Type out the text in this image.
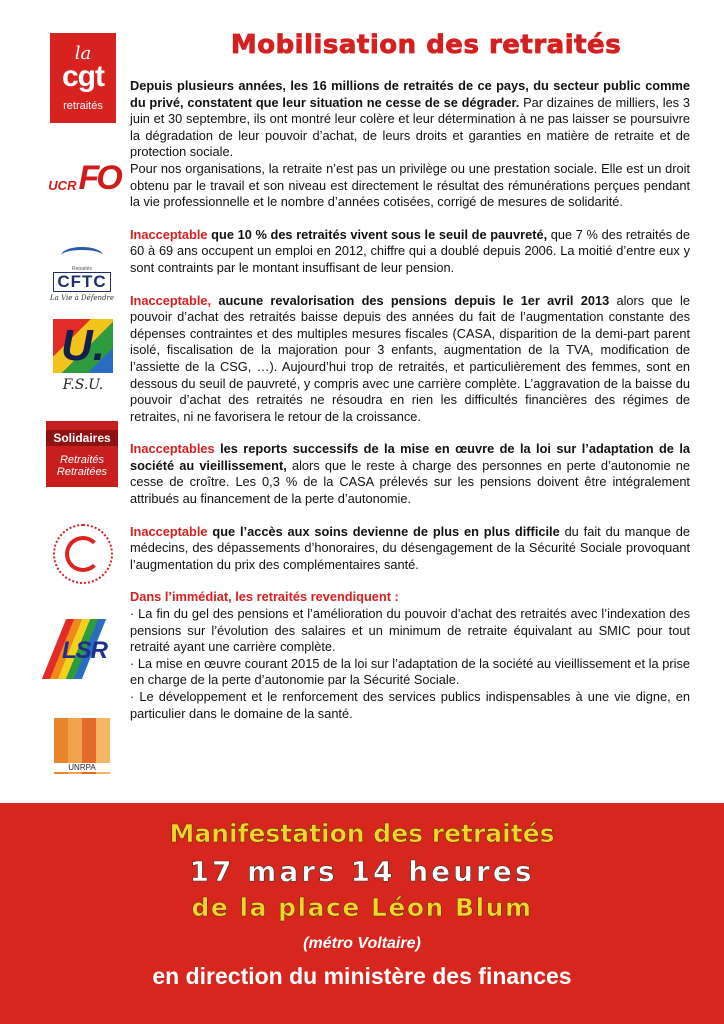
la
cgt
retraités
UCR FO
Retraités
CFTC
La Vie à Défendre
U.
F.S.U.
Solidaires
Retraités
Retraitées
LSR
UNRPA
Mobilisation des retraités

Depuis plusieurs années, les 16 millions de retraités de ce pays, du secteur public comme du privé, constatent que leur situation ne cesse de se dégrader. Par dizaines de milliers, les 3 juin et 30 septembre, ils ont montré leur colère et leur détermination à ne pas laisser se poursuivre la dégradation de leur pouvoir d’achat, de leurs droits et garanties en matière de retraite et de protection sociale.

Pour nos organisations, la retraite n’est pas un privilège ou une prestation sociale. Elle est un droit obtenu par le travail et son niveau est directement le résultat des rémunérations perçues pendant la vie professionnelle et le nombre d’années cotisées, corrigé de mesures de solidarité.

Inacceptable que 10 % des retraités vivent sous le seuil de pauvreté, que 7 % des retraités de 60 à 69 ans occupent un emploi en 2012, chiffre qui a doublé depuis 2006. La moitié d’entre eux y sont contraints par le montant insuffisant de leur pension.

Inacceptable, aucune revalorisation des pensions depuis le 1er avril 2013 alors que le pouvoir d’achat des retraités baisse depuis des années du fait de l’augmentation constante des dépenses contraintes et des multiples mesures fiscales (CASA, disparition de la demi-part parent isolé, fiscalisation de la majoration pour 3 enfants, augmentation de la TVA, modification de l’assiette de la CSG, …). Aujourd’hui trop de retraités, et particulièrement des femmes, sont en dessous du seuil de pauvreté, y compris avec une carrière complète. L’aggravation de la baisse du pouvoir d’achat des retraités ne résoudra en rien les difficultés financières des régimes de retraites, ni ne favorisera le retour de la croissance.

Inacceptables les reports successifs de la mise en œuvre de la loi sur l’adaptation de la société au vieillissement, alors que le reste à charge des personnes en perte d’autonomie ne cesse de croître. Les 0,3 % de la CASA prélevés sur les pensions doivent être intégralement attribués au financement de la perte d’autonomie.

Inacceptable que l’accès aux soins devienne de plus en plus difficile du fait du manque de médecins, des dépassements d’honoraires, du désengagement de la Sécurité Sociale provoquant l’augmentation du prix des complémentaires santé.

Dans l’immédiat, les retraités revendiquent :

· La fin du gel des pensions et l’amélioration du pouvoir d’achat des retraités avec l’indexation des pensions sur l’évolution des salaires et un minimum de retraite équivalant au SMIC pour tout retraité ayant une carrière complète.

· La mise en œuvre courant 2015 de la loi sur l’adaptation de la société au vieillissement et la prise en charge de la perte d’autonomie par la Sécurité Sociale.

· Le développement et le renforcement des services publics indispensables à une vie digne, en particulier dans le domaine de la santé.

Manifestation des retraités
17 mars 14 heures
de la place Léon Blum
(métro Voltaire)
en direction du ministère des finances
